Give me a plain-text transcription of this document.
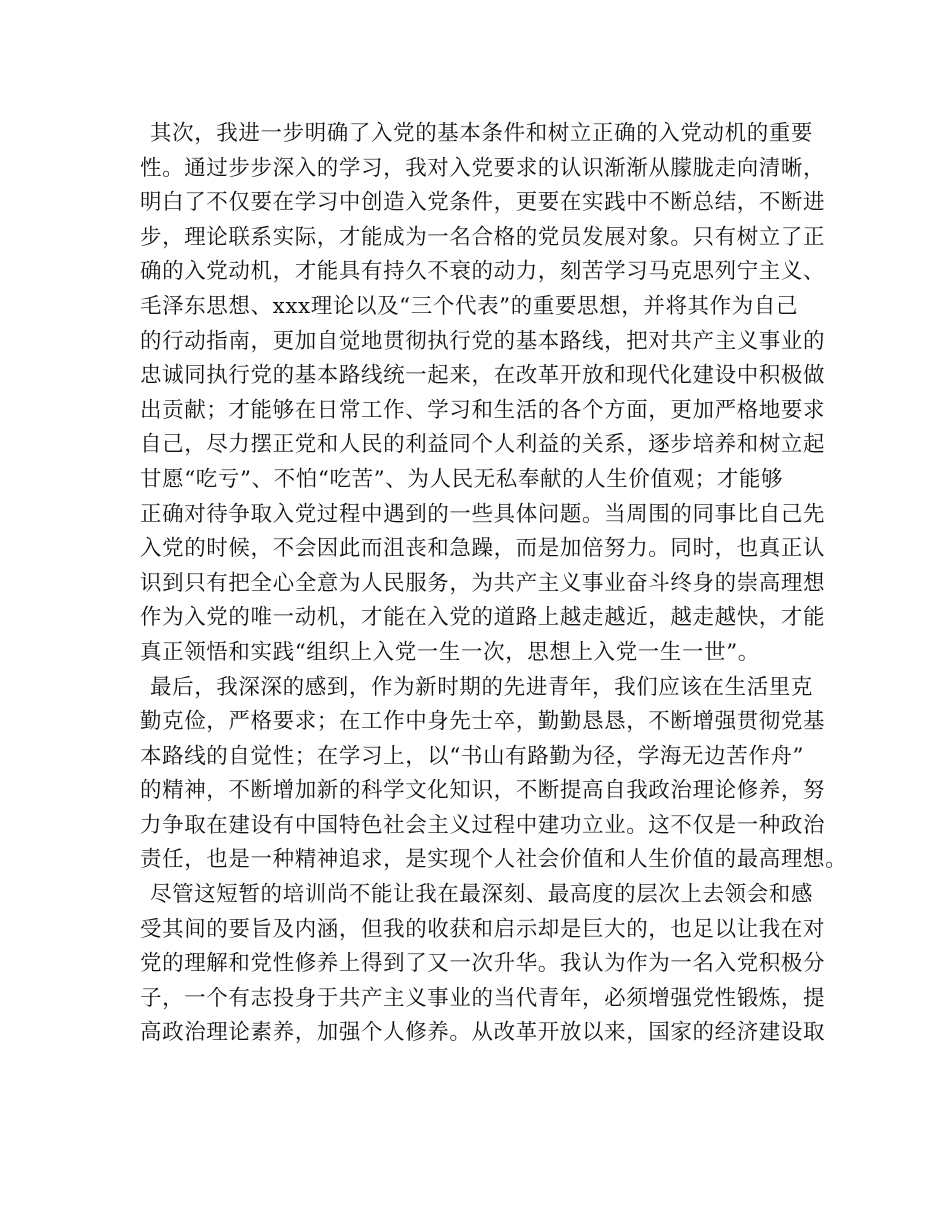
其次，我进一步明确了入党的基本条件和树立正确的入党动机的重要
性。通过步步深入的学习，我对入党要求的认识渐渐从朦胧走向清晰，
明白了不仅要在学习中创造入党条件，更要在实践中不断总结，不断进
步，理论联系实际，才能成为一名合格的党员发展对象。只有树立了正
确的入党动机，才能具有持久不衰的动力，刻苦学习马克思列宁主义、
毛泽东思想、xxx理论以及“三个代表”的重要思想，并将其作为自己
的行动指南，更加自觉地贯彻执行党的基本路线，把对共产主义事业的
忠诚同执行党的基本路线统一起来，在改革开放和现代化建设中积极做
出贡献；才能够在日常工作、学习和生活的各个方面，更加严格地要求
自己，尽力摆正党和人民的利益同个人利益的关系，逐步培养和树立起
甘愿“吃亏”、不怕“吃苦”、为人民无私奉献的人生价值观；才能够
正确对待争取入党过程中遇到的一些具体问题。当周围的同事比自己先
入党的时候，不会因此而沮丧和急躁，而是加倍努力。同时，也真正认
识到只有把全心全意为人民服务，为共产主义事业奋斗终身的崇高理想
作为入党的唯一动机，才能在入党的道路上越走越近，越走越快，才能
真正领悟和实践“组织上入党一生一次，思想上入党一生一世”。
最后，我深深的感到，作为新时期的先进青年，我们应该在生活里克
勤克俭，严格要求；在工作中身先士卒，勤勤恳恳，不断增强贯彻党基
本路线的自觉性；在学习上，以“书山有路勤为径，学海无边苦作舟”
的精神，不断增加新的科学文化知识，不断提高自我政治理论修养，努
力争取在建设有中国特色社会主义过程中建功立业。这不仅是一种政治
责任，也是一种精神追求，是实现个人社会价值和人生价值的最高理想。
尽管这短暂的培训尚不能让我在最深刻、最高度的层次上去领会和感
受其间的要旨及内涵，但我的收获和启示却是巨大的，也足以让我在对
党的理解和党性修养上得到了又一次升华。我认为作为一名入党积极分
子，一个有志投身于共产主义事业的当代青年，必须增强党性锻炼，提
高政治理论素养，加强个人修养。从改革开放以来，国家的经济建设取
